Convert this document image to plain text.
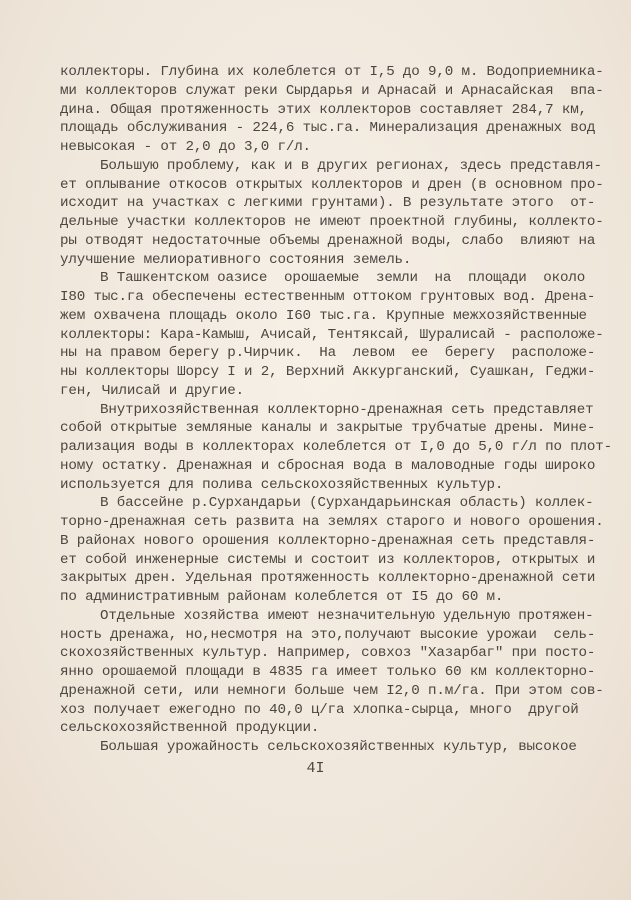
коллекторы. Глубина их колеблется от I,5 до 9,0 м. Водоприемника-
ми коллекторов служат реки Сырдарья и Арнасай и Арнасайская  впа-
дина. Общая протяженность этих коллекторов составляет 284,7 км,
площадь обслуживания - 224,6 тыс.га. Минерализация дренажных вод
невысокая - от 2,0 до 3,0 г/л.
Большую проблему, как и в других регионах, здесь представля-
ет оплывание откосов открытых коллекторов и дрен (в основном про-
исходит на участках с легкими грунтами). В результате этого  от-
дельные участки коллекторов не имеют проектной глубины, коллекто-
ры отводят недостаточные объемы дренажной воды, слабо  влияют на
улучшение мелиоративного состояния земель.
В Ташкентском оазисе  орошаемые  земли  на  площади  около
I80 тыс.га обеспечены естественным оттоком грунтовых вод. Дрена-
жем охвачена площадь около I60 тыс.га. Крупные межхозяйственные
коллекторы: Кара-Камыш, Ачисай, Тентяксай, Шуралисай - расположе-
ны на правом берегу р.Чирчик.  На  левом  ее  берегу  расположе-
ны коллекторы Шорсу I и 2, Верхний Аккурганский, Суашкан, Геджи-
ген, Чилисай и другие.
Внутрихозяйственная коллекторно-дренажная сеть представляет
собой открытые земляные каналы и закрытые трубчатые дрены. Мине-
рализация воды в коллекторах колеблется от I,0 до 5,0 г/л по плот-
ному остатку. Дренажная и сбросная вода в маловодные годы широко
используется для полива сельскохозяйственных культур.
В бассейне р.Сурхандарьи (Сурхандарьинская область) коллек-
торно-дренажная сеть развита на землях старого и нового орошения.
В районах нового орошения коллекторно-дренажная сеть представля-
ет собой инженерные системы и состоит из коллекторов, открытых и
закрытых дрен. Удельная протяженность коллекторно-дренажной сети
по административным районам колеблется от I5 до 60 м.
Отдельные хозяйства имеют незначительную удельную протяжен-
ность дренажа, но,несмотря на это,получают высокие урожаи  сель-
скохозяйственных культур. Например, совхоз "Хазарбаг" при посто-
янно орошаемой площади в 4835 га имеет только 60 км коллекторно-
дренажной сети, или немноги больше чем I2,0 п.м/га. При этом сов-
хоз получает ежегодно по 40,0 ц/га хлопка-сырца, много  другой
сельскохозяйственной продукции.
Большая урожайность сельскохозяйственных культур, высокое
4I
